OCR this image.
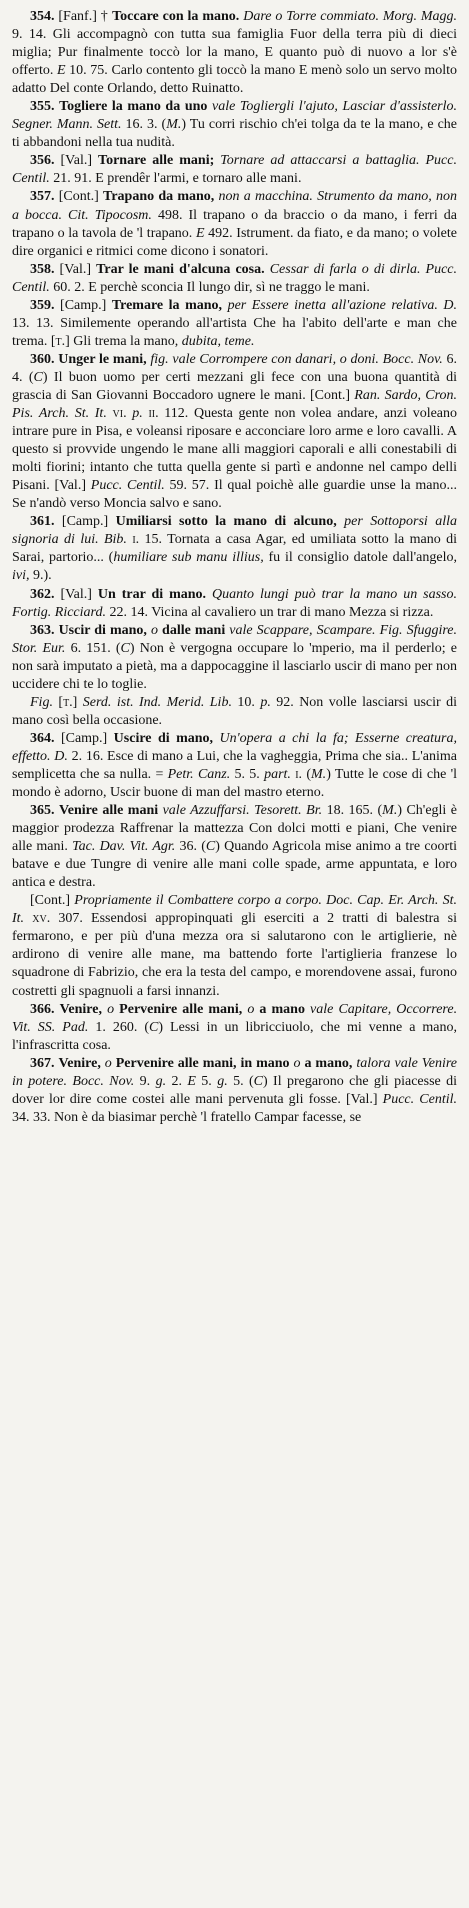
354. [Fanf.] † Toccare con la mano. Dare o Torre commiato. Morg. Magg. 9. 14. Gli accompagnò con tutta sua famiglia Fuor della terra più di dieci miglia; Pur finalmente toccò lor la mano, E quanto può di nuovo a lor s'è offerto. E 10. 75. Carlo contento gli toccò la mano E menò solo un servo molto adatto Del conte Orlando, detto Ruinatto.

355. Togliere la mano da uno vale Togliergli l'ajuto, Lasciar d'assisterlo. Segner. Mann. Sett. 16. 3. (M.) Tu corri rischio ch'ei tolga da te la mano, e che ti abbandoni nella tua nudità.

356. [Val.] Tornare alle mani; Tornare ad attaccarsi a battaglia. Pucc. Centil. 21. 91. E prendêr l'armi, e tornaro alle mani.

357. [Cont.] Trapano da mano, non a macchina. Strumento da mano, non a bocca. Cit. Tipocosm. 498. Il trapano o da braccio o da mano, i ferri da trapano o la tavola de 'l trapano. E 492. Istrument. da fiato, e da mano; o volete dire organici e ritmici come dicono i sonatori.

358. [Val.] Trar le mani d'alcuna cosa. Cessar di farla o di dirla. Pucc. Centil. 60. 2. E perchè sconcia Il lungo dir, sì ne traggo le mani.

359. [Camp.] Tremare la mano, per Essere inetta all'azione relativa. D. 13. 13. Similemente operando all'artista Che ha l'abito dell'arte e man che trema. [t.] Gli trema la mano, dubita, teme.

360. Unger le mani, fig. vale Corrompere con danari, o doni. Bocc. Nov. 6. 4. (C) Il buon uomo per certi mezzani gli fece con una buona quantità di grascia di San Giovanni Boccadoro ugnere le mani. [Cont.] Ran. Sardo, Cron. Pis. Arch. St. It. vi. p. ii. 112. Questa gente non volea andare, anzi voleano intrare pure in Pisa, e voleansi riposare e acconciare loro arme e loro cavalli. A questo si provvide ungendo le mane alli maggiori caporali e alli conestabili di molti fiorini; intanto che tutta quella gente si partì e andonne nel campo delli Pisani. [Val.] Pucc. Centil. 59. 57. Il qual poichè alle guardie unse la mano... Se n'andò verso Moncia salvo e sano.

361. [Camp.] Umiliarsi sotto la mano di alcuno, per Sottoporsi alla signoria di lui. Bib. i. 15. Tornata a casa Agar, ed umiliata sotto la mano di Sarai, partorio... (humiliare sub manu illius, fu il consiglio datole dall'angelo, ivi, 9.).

362. [Val.] Un trar di mano. Quanto lungi può trar la mano un sasso. Fortig. Ricciard. 22. 14. Vicina al cavaliero un trar di mano Mezza si rizza.

363. Uscir di mano, o dalle mani vale Scappare, Scampare. Fig. Sfuggire. Stor. Eur. 6. 151. (C) Non è vergogna occupare lo 'mperio, ma il perderlo; e non sarà imputato a pietà, ma a dappocaggine il lasciarlo uscir di mano per non uccidere chi te lo toglie.

Fig. [t.] Serd. ist. Ind. Merid. Lib. 10. p. 92. Non volle lasciarsi uscir di mano così bella occasione.

364. [Camp.] Uscire di mano, Un'opera a chi la fa; Esserne creatura, effetto. D. 2. 16. Esce di mano a Lui, che la vagheggia, Prima che sia.. L'anima semplicetta che sa nulla. = Petr. Canz. 5. 5. part. i. (M.) Tutte le cose di che 'l mondo è adorno, Uscir buone di man del mastro eterno.

365. Venire alle mani vale Azzuffarsi. Tesorett. Br. 18. 165. (M.) Ch'egli è maggior prodezza Raffrenar la mattezza Con dolci motti e piani, Che venire alle mani. Tac. Dav. Vit. Agr. 36. (C) Quando Agricola mise animo a tre coorti batave e due Tungre di venire alle mani colle spade, arme appuntata, e loro antica e destra.

[Cont.] Propriamente il Combattere corpo a corpo. Doc. Cap. Er. Arch. St. It. xv. 307. Essendosi appropinquati gli eserciti a 2 tratti di balestra si fermarono, e per più d'una mezza ora si salutarono con le artiglierie, nè ardirono di venire alle mane, ma battendo forte l'artiglieria franzese lo squadrone di Fabrizio, che era la testa del campo, e morendovene assai, furono costretti gli spagnuoli a farsi innanzi.

366. Venire, o Pervenire alle mani, o a mano vale Capitare, Occorrere. Vit. SS. Pad. 1. 260. (C) Lessi in un libricciuolo, che mi venne a mano, l'infrascritta cosa.

367. Venire, o Pervenire alle mani, in mano o a mano, talora vale Venire in potere. Bocc. Nov. 9. g. 2. E 5. g. 5. (C) Il pregarono che gli piacesse di dover lor dire come costei alle mani pervenuta gli fosse. [Val.] Pucc. Centil. 34. 33. Non è da biasimar perchè 'l fratello Campar facesse, se
